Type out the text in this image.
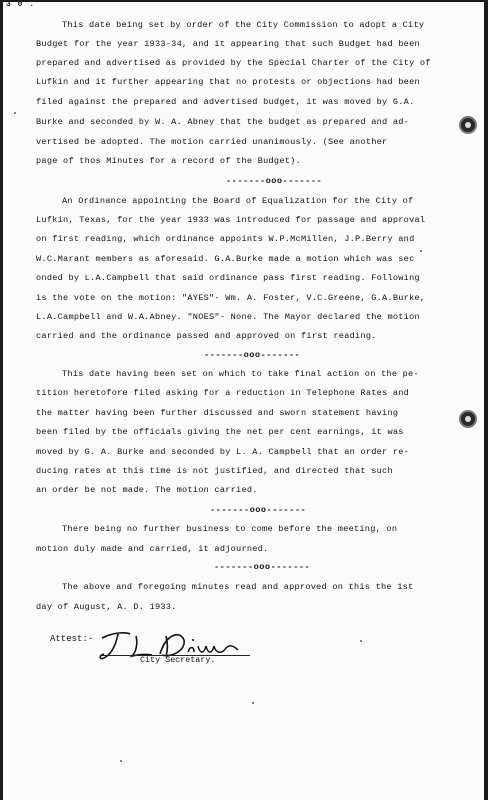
3 0 .
This date being set by order of the City Commission to adopt a City
Budget for the year 1933-34, and it appearing that such Budget had been
prepared and advertised as provided by the Special Charter of the City of
Lufkin and it further appearing that no protests or objections had been
filed against the prepared and advertised budget, it was moved by G.A.
Burke and seconded by W. A. Abney that the budget as prepared and ad-
vertised be adopted. The motion carried unanimously. (See another
page of thos Minutes for a record of the Budget).
-------ooo-------
An Ordinance appointing the Board of Equalization for the City of
Lufkin, Texas, for the year 1933 was introduced for passage and approval
on first reading, which ordinance appoints W.P.McMillen, J.P.Berry and
W.C.Marant members as aforesaid. G.A.Burke made a motion which was sec
onded by L.A.Campbell that said ordinance pass first reading. Following
is the vote on the motion: "AYES"- Wm. A. Foster, V.C.Greene, G.A.Burke,
L.A.Campbell and W.A.Abney. "NOES"- None. The Mayor declared the motion
carried and the ordinance passed and approved on first reading.
-------ooo-------
This date having been set on which to take final action on the pe-
tition heretofore filed asking for a reduction in Telephone Rates and
the matter having been further discussed and sworn statement having
been filed by the officials giving the net per cent earnings, it was
moved by G. A. Burke and seconded by L. A. Campbell that an order re-
ducing rates at this time is not justified, and directed that such
an order be not made. The motion carried.
-------ooo-------
There being no further business to come before the meeting, on
motion duly made and carried, it adjourned.
-------ooo-------
The above and foregoing minutes read and approved on this the 1st
day of August, A. D. 1933.
Attest:-
City Secretary.
